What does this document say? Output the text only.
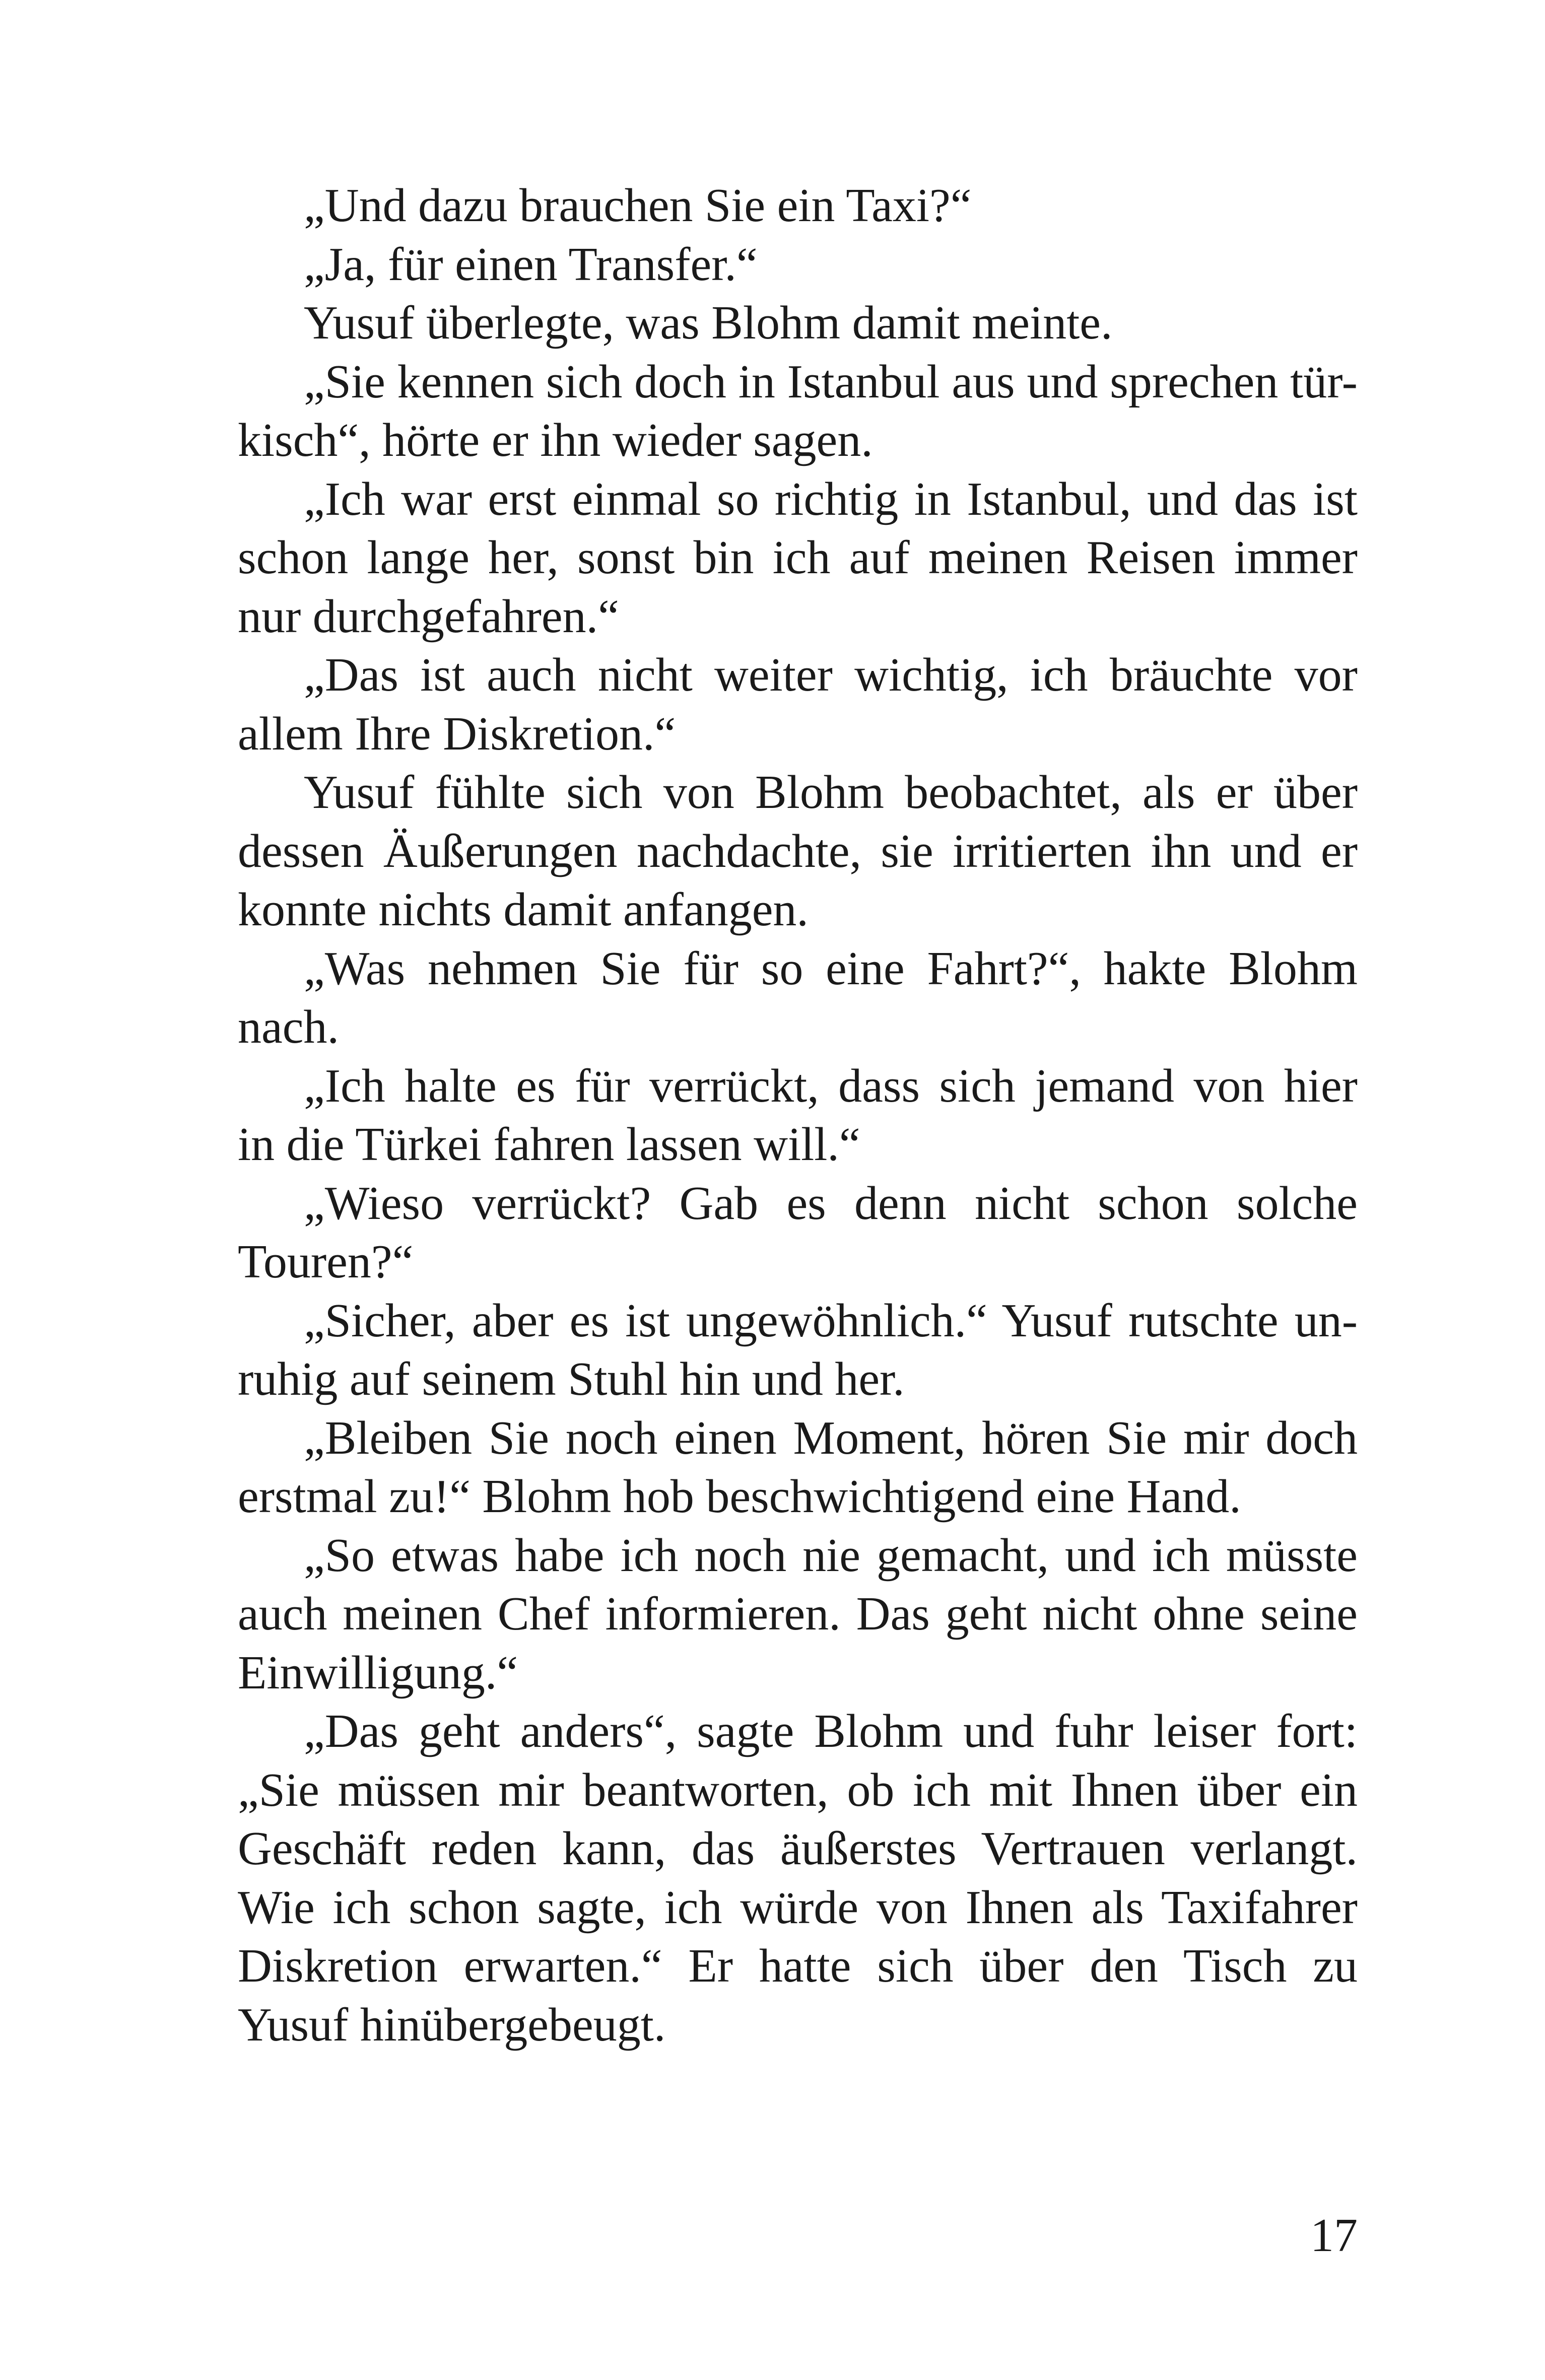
„Und dazu brauchen Sie ein Taxi?“
„Ja, für einen Transfer.“
Yusuf überlegte, was Blohm damit meinte.
„Sie kennen sich doch in Istanbul aus und sprechen tür-
kisch“, hörte er ihn wieder sagen.
„Ich war erst einmal so richtig in Istanbul, und das ist
schon lange her, sonst bin ich auf meinen Reisen immer
nur durchgefahren.“
„Das ist auch nicht weiter wichtig, ich bräuchte vor
allem Ihre Diskretion.“
Yusuf fühlte sich von Blohm beobachtet, als er über
dessen Äußerungen nachdachte, sie irritierten ihn und er
konnte nichts damit anfangen.
„Was nehmen Sie für so eine Fahrt?“, hakte Blohm
nach.
„Ich halte es für verrückt, dass sich jemand von hier
in die Türkei fahren lassen will.“
„Wieso verrückt? Gab es denn nicht schon solche
Touren?“
„Sicher, aber es ist ungewöhnlich.“ Yusuf rutschte un-
ruhig auf seinem Stuhl hin und her.
„Bleiben Sie noch einen Moment, hören Sie mir doch
erstmal zu!“ Blohm hob beschwichtigend eine Hand.
„So etwas habe ich noch nie gemacht, und ich müsste
auch meinen Chef informieren. Das geht nicht ohne seine
Einwilligung.“
„Das geht anders“, sagte Blohm und fuhr leiser fort:
„Sie müssen mir beantworten, ob ich mit Ihnen über ein
Geschäft reden kann, das äußerstes Vertrauen verlangt.
Wie ich schon sagte, ich würde von Ihnen als Taxifahrer
Diskretion erwarten.“ Er hatte sich über den Tisch zu
Yusuf hinübergebeugt.
17
